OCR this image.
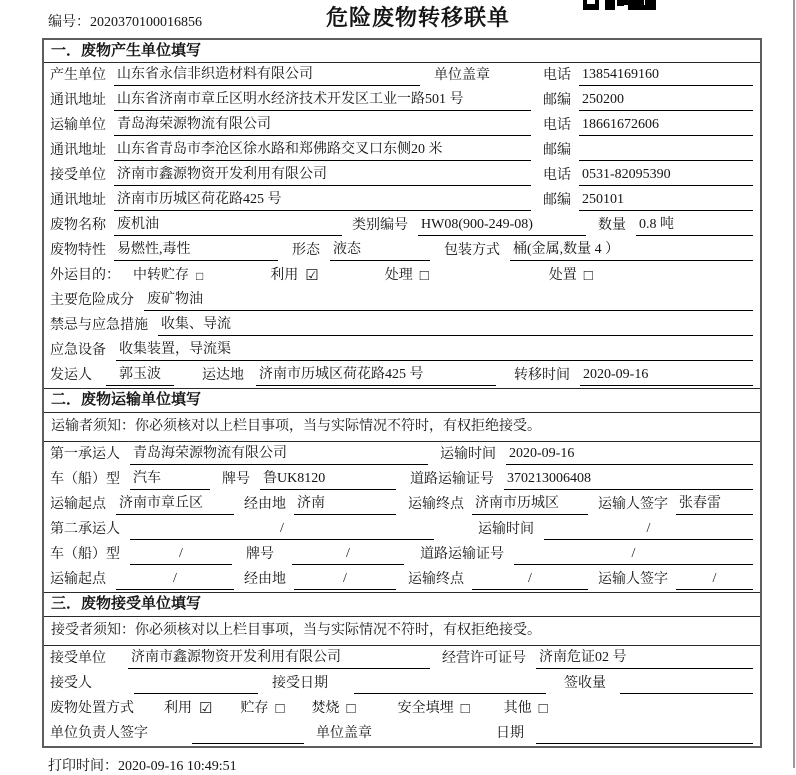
编号：2020370100016856	危险废物转移联单
一．废物产生单位填写
产生单位 山东省永信非织造材料有限公司	单位盖章	电话 13854169160
通讯地址 山东省济南市章丘区明水经济技术开发区工业一路501 号	邮编 250200
运输单位 青岛海荣源物流有限公司	电话 18661672606
通讯地址 山东省青岛市李沧区徐水路和郑佛路交叉口东侧20 米	邮编
接受单位 济南市鑫源物资开发利用有限公司	电话 0531-82095390
通讯地址 济南市历城区荷花路425 号	邮编 250101
废物名称 废机油	类别编号 HW08(900-249-08)	数量 0.8 吨
废物特性 易燃性,毒性	形态 液态	包装方式 桶(金属,数量 4 ）
外运目的： 中转贮存 □	利用 ☑	处理 □	处置 □
主要危险成分 废矿物油
禁忌与应急措施 收集、导流
应急设备 收集装置，导流渠
发运人	郭玉波	运达地 济南市历城区荷花路425 号	转移时间 2020-09-16
二．废物运输单位填写
运输者须知：你必须核对以上栏目事项，当与实际情况不符时，有权拒绝接受。
第一承运人 青岛海荣源物流有限公司	运输时间 2020-09-16
车（船）型 汽车	牌号 鲁UK8120	道路运输证号 370213006408
运输起点 济南市章丘区	经由地 济南	运输终点 济南市历城区	运输人签字 张春雷
第二承运人	/	运输时间	/
车（船）型	/	牌号	/	道路运输证号	/
运输起点	/	经由地	/	运输终点	/	运输人签字	/
三．废物接受单位填写
接受者须知：你必须核对以上栏目事项，当与实际情况不符时，有权拒绝接受。
接受单位 济南市鑫源物资开发利用有限公司	经营许可证号 济南危证02 号
接受人	接受日期	签收量
废物处置方式 利用 ☑ 贮存 □ 焚烧 □	安全填埋 □ 其他 □
单位负责人签字	单位盖章	日期
打印时间：2020-09-16 10:49:51
